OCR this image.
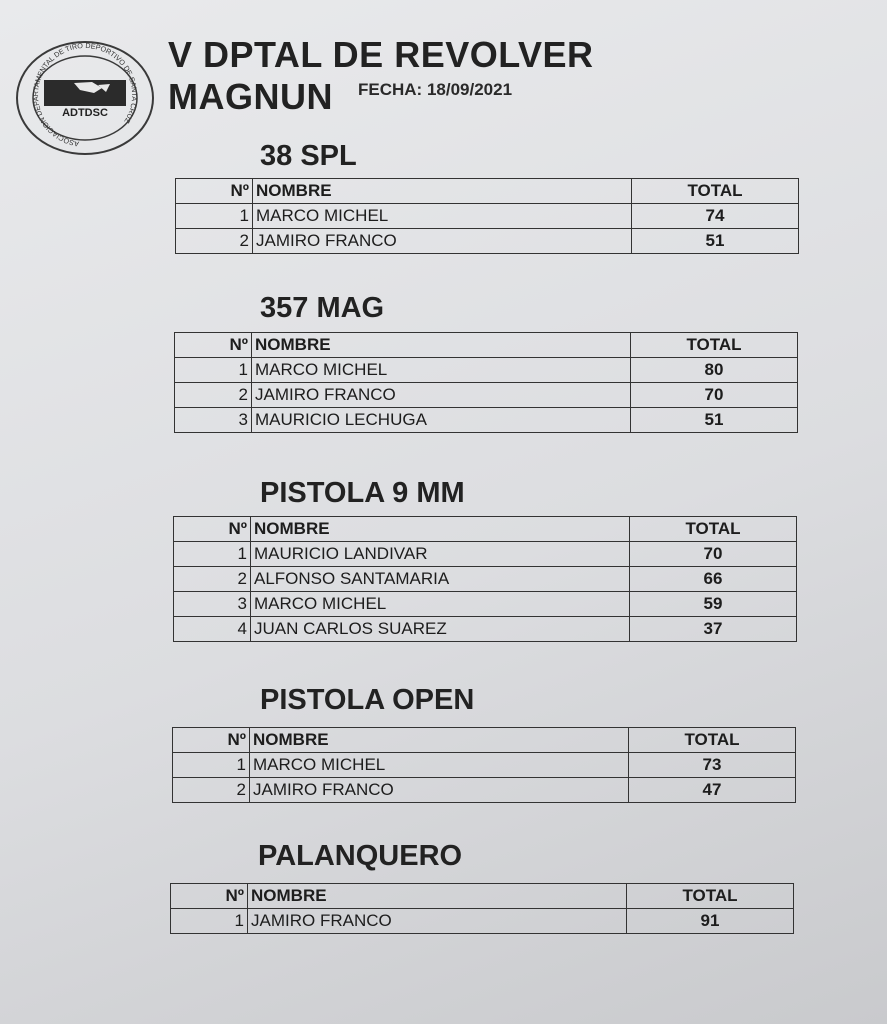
ASOCIACION DEPARTAMENTAL DE TIRO DEPORTIVO DE SANTA CRUZ
ADTDSC
V DPTAL DE REVOLVER MAGNUN	FECHA: 18/09/2021
38 SPL
Nº	NOMBRE	TOTAL
1	MARCO MICHEL	74
2	JAMIRO FRANCO	51
357 MAG
Nº	NOMBRE	TOTAL
1	MARCO MICHEL	80
2	JAMIRO FRANCO	70
3	MAURICIO LECHUGA	51
PISTOLA 9 MM
Nº	NOMBRE	TOTAL
1	MAURICIO LANDIVAR	70
2	ALFONSO SANTAMARIA	66
3	MARCO MICHEL	59
4	JUAN CARLOS SUAREZ	37
PISTOLA OPEN
Nº	NOMBRE	TOTAL
1	MARCO MICHEL	73
2	JAMIRO FRANCO	47
PALANQUERO
Nº	NOMBRE	TOTAL
1	JAMIRO FRANCO	91
